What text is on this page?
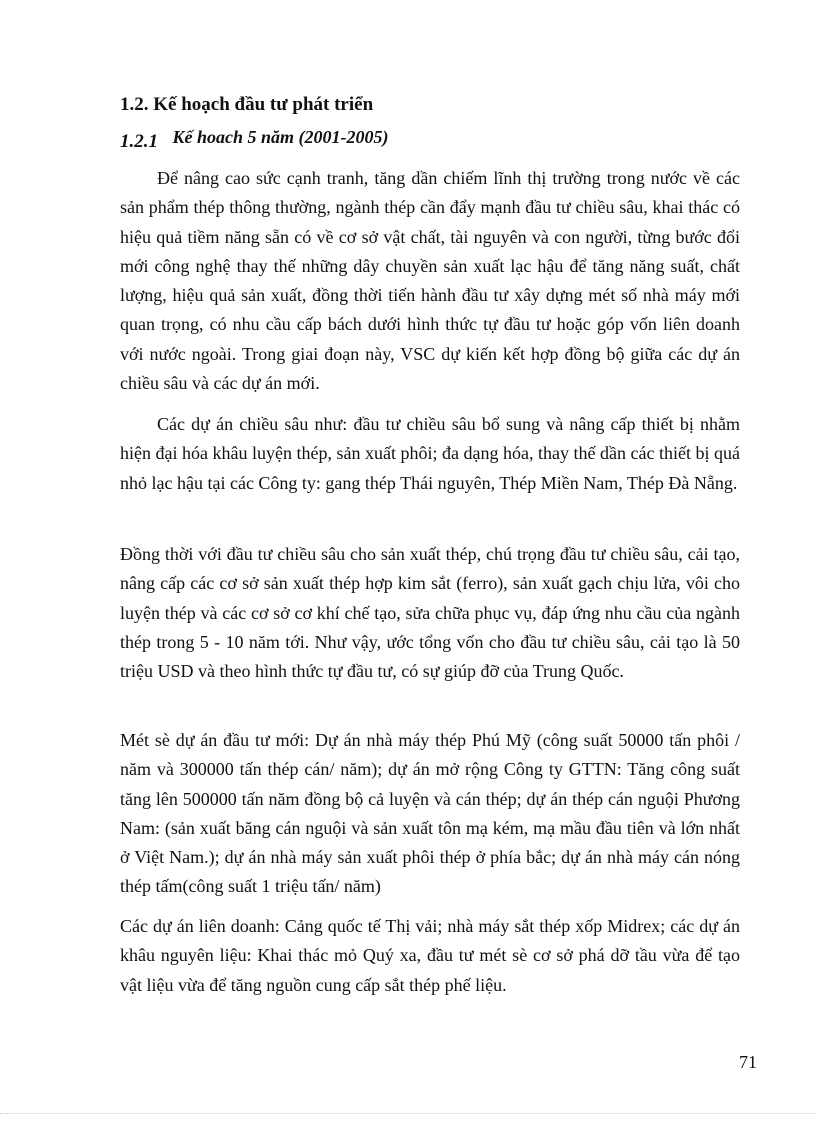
1.2. Kế hoạch đầu tư phát triển
1.2.1 Kế hoach 5 năm (2001-2005)

Để nâng cao sức cạnh tranh, tăng dần chiếm lĩnh thị trường trong nước về các sản phẩm thép thông thường, ngành thép cần đẩy mạnh đầu tư chiều sâu, khai thác có hiệu quả tiềm năng sẵn có về cơ sở vật chất, tài nguyên và con người, từng bước đổi mới công nghệ thay thế những dây chuyền sản xuất lạc hậu để tăng năng suất, chất lượng, hiệu quả sản xuất, đồng thời tiến hành đầu tư xây dựng mét số nhà máy mới quan trọng, có nhu cầu cấp bách dưới hình thức tự đầu tư hoặc góp vốn liên doanh với nước ngoài. Trong giai đoạn này, VSC dự kiến kết hợp đồng bộ giữa các dự án chiều sâu và các dự án mới.

Các dự án chiều sâu như: đầu tư chiều sâu bổ sung và nâng cấp thiết bị nhằm hiện đại hóa khâu luyện thép, sản xuất phôi; đa dạng hóa, thay thế dần các thiết bị quá nhỏ lạc hậu tại các Công ty: gang thép Thái nguyên, Thép Miền Nam, Thép Đà Nẵng.

Đồng thời với đầu tư chiều sâu cho sản xuất thép, chú trọng đầu tư chiều sâu, cải tạo, nâng cấp các cơ sở sản xuất thép hợp kim sắt (ferro), sản xuất gạch chịu lửa, vôi cho luyện thép và các cơ sở cơ khí chế tạo, sửa chữa phục vụ, đáp ứng nhu cầu của ngành thép trong 5 - 10 năm tới. Như vậy, ước tổng vốn cho đầu tư chiều sâu, cải tạo là 50 triệu USD và theo hình thức tự đầu tư, có sự giúp đỡ của Trung Quốc.

Mét sè dự án đầu tư mới: Dự án nhà máy thép Phú Mỹ (công suất 50000 tấn phôi / năm và 300000 tấn thép cán/ năm); dự án mở rộng Công ty GTTN: Tăng công suất tăng lên 500000 tấn năm đồng bộ cả luyện và cán thép; dự án thép cán nguội Phương Nam: (sản xuất băng cán nguội và sản xuất tôn mạ kém, mạ mầu đầu tiên và lớn nhất ở Việt Nam.); dự án nhà máy sản xuất phôi thép ở phía bắc; dự án nhà máy cán nóng thép tấm(công suất 1 triệu tấn/ năm)

Các dự án liên doanh: Cảng quốc tế Thị vải; nhà máy sắt thép xốp Midrex; các dự án khâu nguyên liệu: Khai thác mỏ Quý xa, đầu tư mét sè cơ sở phá dỡ tầu vừa để tạo vật liệu vừa để tăng nguồn cung cấp sắt thép phế liệu.

71
